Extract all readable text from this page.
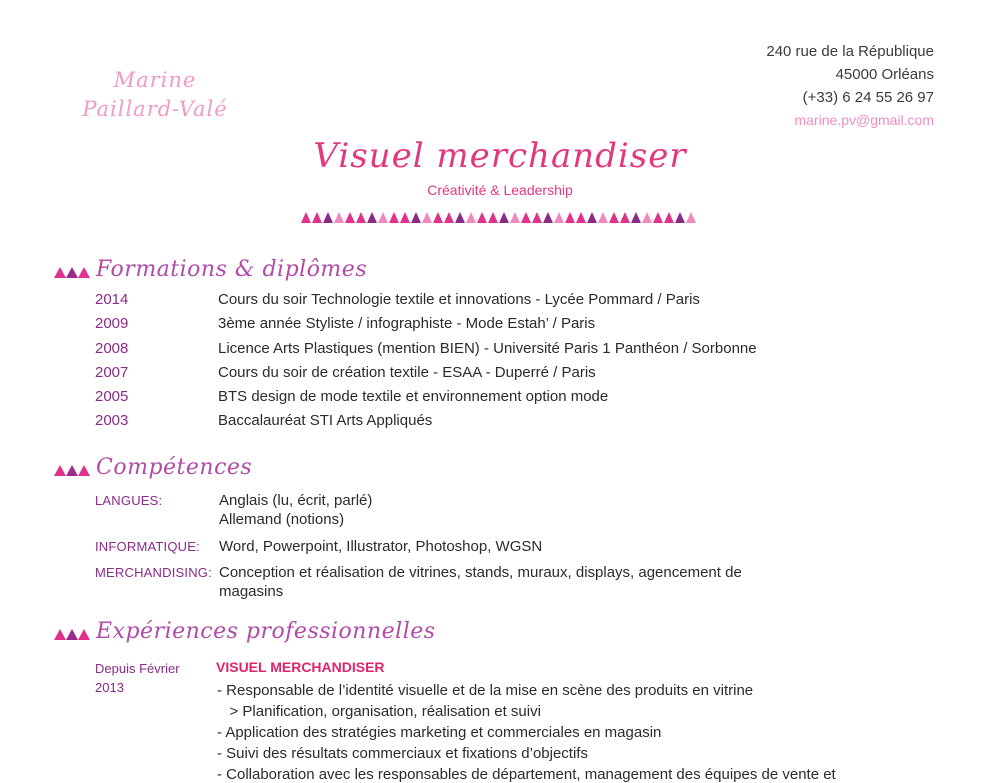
Marine
Paillard-Valé
240 rue de la République
45000 Orléans
(+33) 6 24 55 26 97
marine.pv@gmail.com
Visuel merchandiser
Créativité & Leadership
Formations & diplômes
2014	Cours du soir Technologie textile et innovations - Lycée Pommard / Paris
2009	3ème année Styliste / infographiste - Mode Estah’ / Paris
2008	Licence Arts Plastiques (mention BIEN) - Université Paris 1 Panthéon / Sorbonne
2007	Cours du soir de création textile - ESAA - Duperré / Paris
2005	BTS design de mode textile et environnement option mode
2003	Baccalauréat STI Arts Appliqués
Compétences
LANGUES:	Anglais (lu, écrit, parlé)
Allemand (notions)
INFORMATIQUE: Word, Powerpoint, Illustrator, Photoshop, WGSN
MERCHANDISING: Conception et réalisation de vitrines, stands, muraux, displays, agencement de
magasins
Expériences professionnelles
Depuis Février
2013
VISUEL MERCHANDISER
- Responsable de l’identité visuelle et de la mise en scène des produits en vitrine
> Planification, organisation, réalisation et suivi
- Application des stratégies marketing et commerciales en magasin
- Suivi des résultats commerciaux et fixations d’objectifs
- Collaboration avec les responsables de département, management des équipes de vente et
